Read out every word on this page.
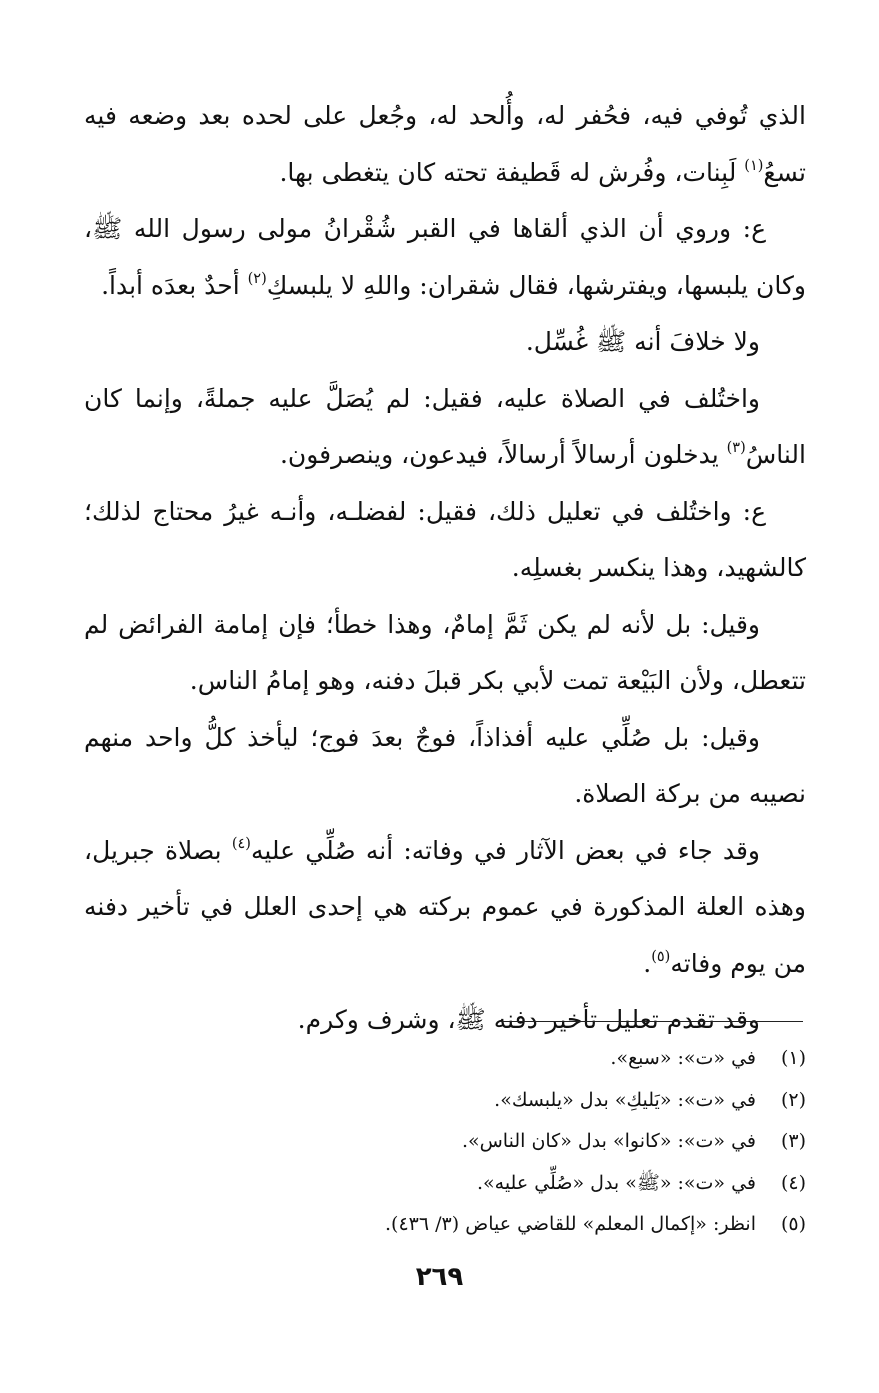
الذي تُوفي فيه، فحُفر له، وأُلحد له، وجُعل على لحده بعد وضعه فيه تسعُ$^{(١)}$ لَبِنات، وفُرش له قَطيفة تحته كان يتغطى بها.

ع: وروي أن الذي ألقاها في القبر شُقْرانُ مولى رسول الله ﷺ، وكان يلبسها، ويفترشها، فقال شقران: واللهِ لا يلبسكِ$^{(٢)}$ أحدٌ بعدَه أبداً.

ولا خلافَ أنه ﷺ غُسِّل.

واختُلف في الصلاة عليه، فقيل: لم يُصَلَّ عليه جملةً، وإنما كان الناسُ$^{(٣)}$ يدخلون أرسالاً أرسالاً، فيدعون، وينصرفون.

ع: واختُلف في تعليل ذلك، فقيل: لفضلـه، وأنـه غيرُ محتاج لذلك؛ كالشهيد، وهذا ينكسر بغسلِه.

وقيل: بل لأنه لم يكن ثَمَّ إمامٌ، وهذا خطأ؛ فإن إمامة الفرائض لم تتعطل، ولأن البَيْعة تمت لأبي بكر قبلَ دفنه، وهو إمامُ الناس.

وقيل: بل صُلِّي عليه أفذاذاً، فوجٌ بعدَ فوج؛ ليأخذ كلُّ واحد منهم نصيبه من بركة الصلاة.

وقد جاء في بعض الآثار في وفاته: أنه صُلِّي عليه$^{(٤)}$ بصلاة جبريل، وهذه العلة المذكورة في عموم بركته هي إحدى العلل في تأخير دفنه من يوم وفاته$^{(٥)}$.

وقد تقدم تعليل تأخير دفنه ﷺ، وشرف وكرم.

(١)
في «ت»: «سبع».
(٢)
في «ت»: «يَليكِ» بدل «يلبسك».
(٣)
في «ت»: «كانوا» بدل «كان الناس».
(٤)
في «ت»: «ﷺ» بدل «صُلِّي عليه».
(٥)
انظر: «إكمال المعلم» للقاضي عياض (٣/ ٤٣٦).
٢٦٩
